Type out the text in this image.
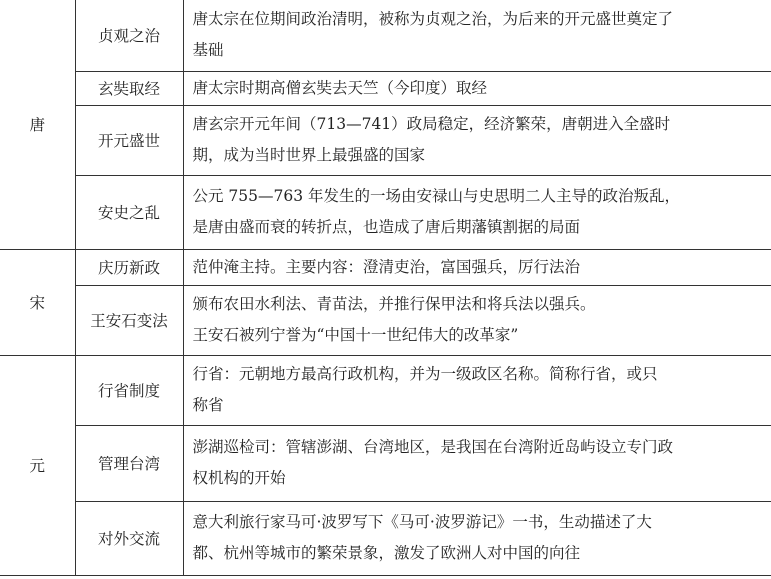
唐	贞观之治	唐太宗在位期间政治清明，被称为贞观之治，为后来的开元盛世奠定了
基础
	玄奘取经	唐太宗时期高僧玄奘去天竺（今印度）取经
	开元盛世	唐玄宗开元年间（713—741）政局稳定，经济繁荣，唐朝进入全盛时
期，成为当时世界上最强盛的国家
	安史之乱	公元 755—763 年发生的一场由安禄山与史思明二人主导的政治叛乱，
是唐由盛而衰的转折点，也造成了唐后期藩镇割据的局面
宋	庆历新政	范仲淹主持。主要内容：澄清吏治，富国强兵，厉行法治
	王安石变法	颁布农田水利法、青苗法，并推行保甲法和将兵法以强兵。
王安石被列宁誉为“中国十一世纪伟大的改革家”
元	行省制度	行省：元朝地方最高行政机构，并为一级政区名称。简称行省，或只
称省
	管理台湾	澎湖巡检司：管辖澎湖、台湾地区，是我国在台湾附近岛屿设立专门政
权机构的开始
	对外交流	意大利旅行家马可·波罗写下《马可·波罗游记》一书，生动描述了大
都、杭州等城市的繁荣景象，激发了欧洲人对中国的向往
